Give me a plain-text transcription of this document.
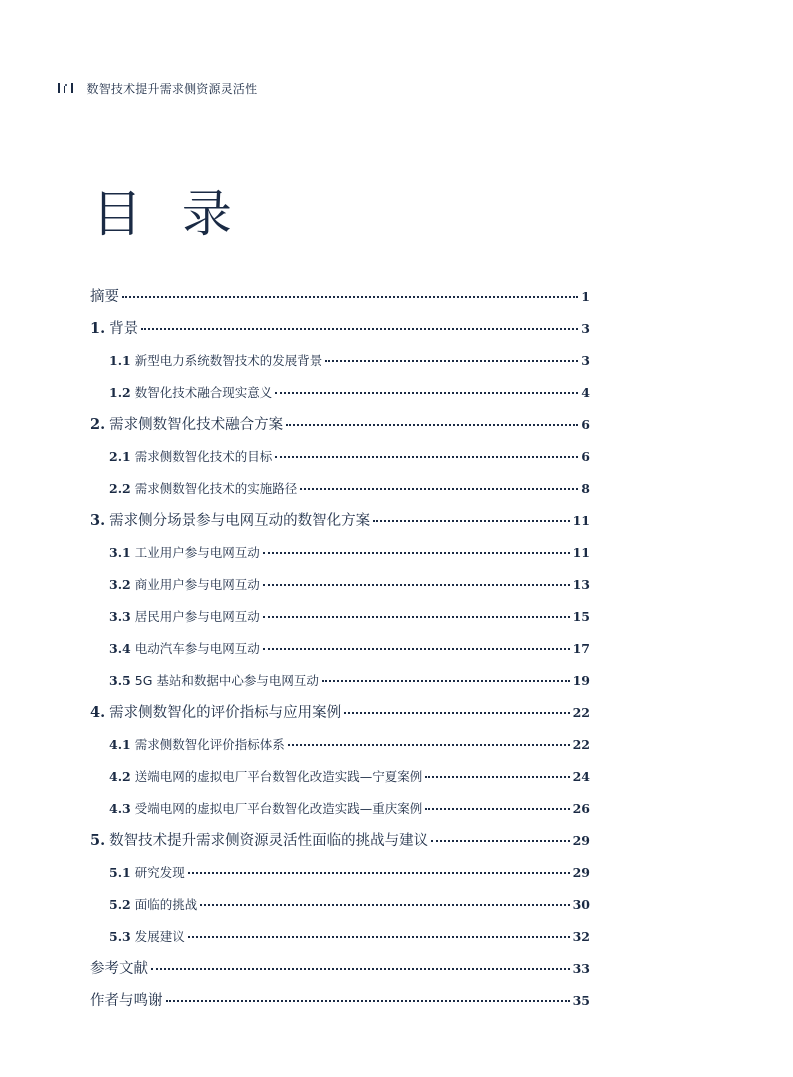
数智技术提升需求侧资源灵活性
目 录
摘要	1
1. 背景	3
1.1 新型电力系统数智技术的发展背景	3
1.2 数智化技术融合现实意义	4
2. 需求侧数智化技术融合方案	6
2.1 需求侧数智化技术的目标	6
2.2 需求侧数智化技术的实施路径	8
3. 需求侧分场景参与电网互动的数智化方案	11
3.1 工业用户参与电网互动	11
3.2 商业用户参与电网互动	13
3.3 居民用户参与电网互动	15
3.4 电动汽车参与电网互动	17
3.5 5G 基站和数据中心参与电网互动	19
4. 需求侧数智化的评价指标与应用案例	22
4.1 需求侧数智化评价指标体系	22
4.2 送端电网的虚拟电厂平台数智化改造实践—宁夏案例	24
4.3 受端电网的虚拟电厂平台数智化改造实践—重庆案例	26
5. 数智技术提升需求侧资源灵活性面临的挑战与建议	29
5.1 研究发现	29
5.2 面临的挑战	30
5.3 发展建议	32
参考文献	33
作者与鸣谢	35
